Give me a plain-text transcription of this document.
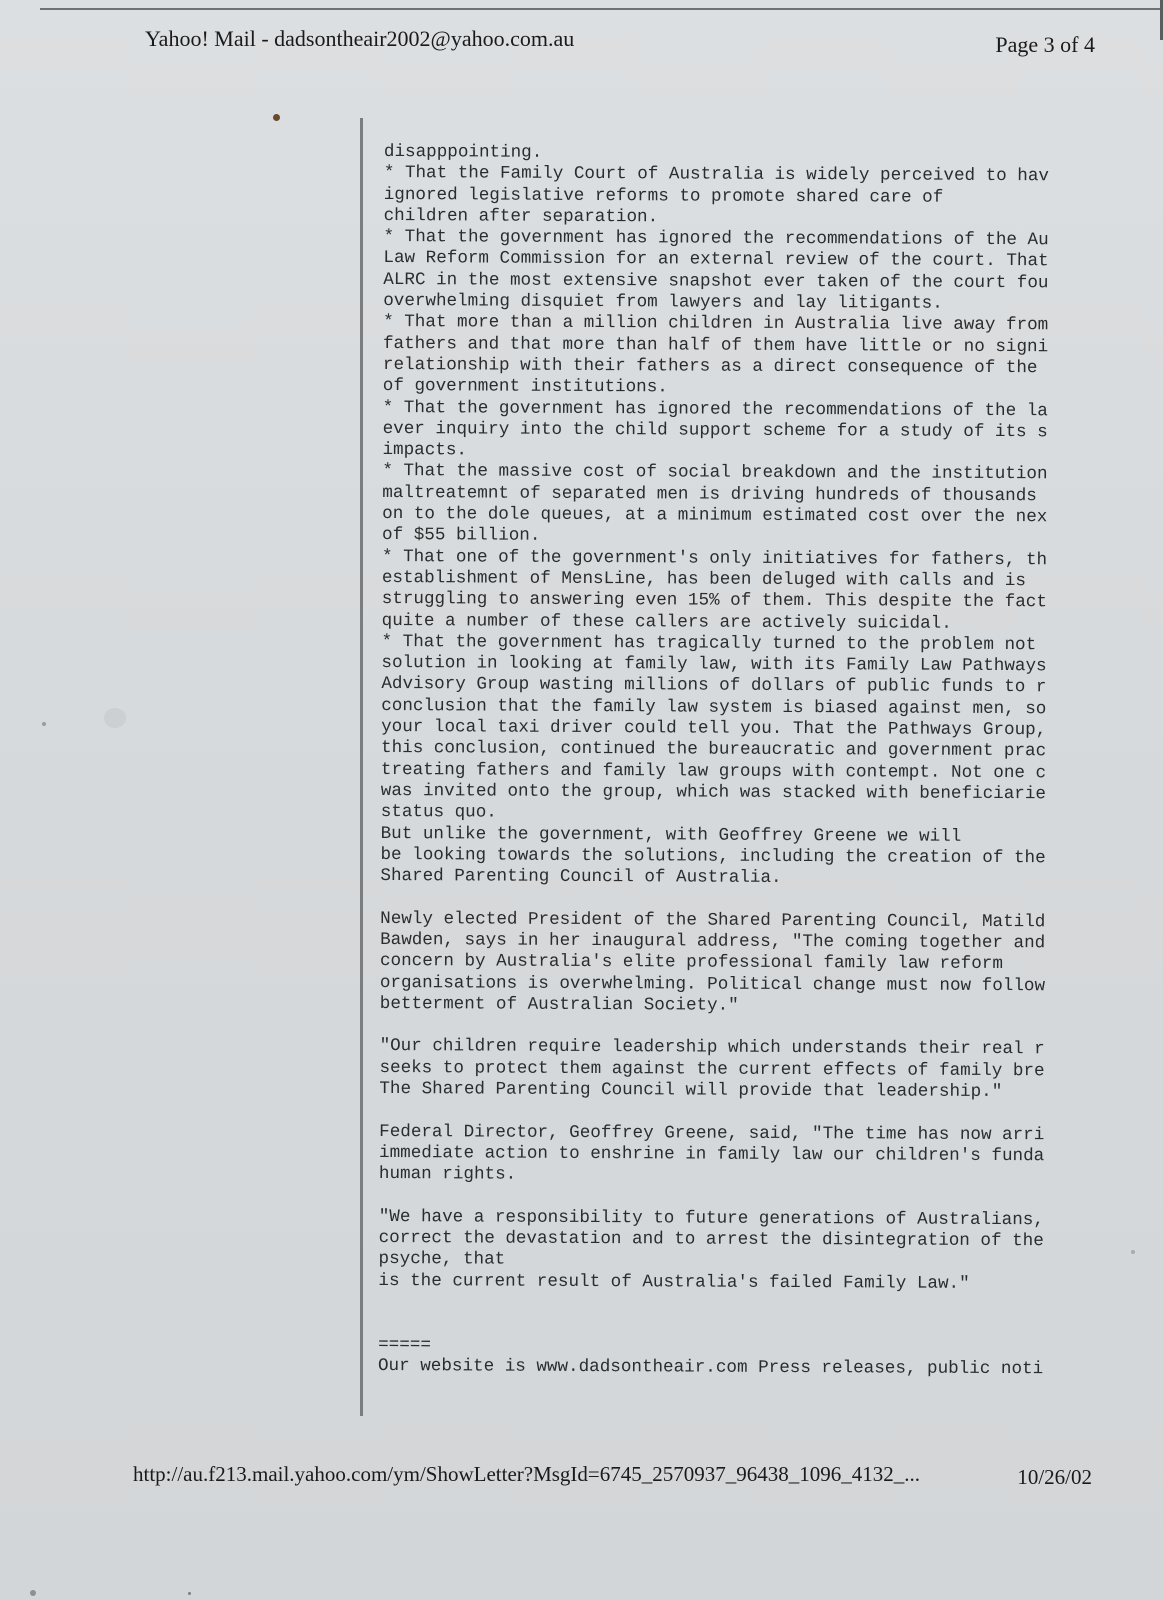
Yahoo! Mail - dadsontheair2002@yahoo.com.au	Page 3 of 4
disapppointing.
* That the Family Court of Australia is widely perceived to hav
ignored legislative reforms to promote shared care of
children after separation.
* That the government has ignored the recommendations of the Au
Law Reform Commission for an external review of the court. That
ALRC in the most extensive snapshot ever taken of the court fou
overwhelming disquiet from lawyers and lay litigants.
* That more than a million children in Australia live away from
fathers and that more than half of them have little or no signi
relationship with their fathers as a direct consequence of the
of government institutions.
* That the government has ignored the recommendations of the la
ever inquiry into the child support scheme for a study of its s
impacts.
* That the massive cost of social breakdown and the institution
maltreatemnt of separated men is driving hundreds of thousands
on to the dole queues, at a minimum estimated cost over the nex
of $55 billion.
* That one of the government's only initiatives for fathers, th
establishment of MensLine, has been deluged with calls and is
struggling to answering even 15% of them. This despite the fact
quite a number of these callers are actively suicidal.
* That the government has tragically turned to the problem not
solution in looking at family law, with its Family Law Pathways
Advisory Group wasting millions of dollars of public funds to r
conclusion that the family law system is biased against men, so
your local taxi driver could tell you. That the Pathways Group,
this conclusion, continued the bureaucratic and government prac
treating fathers and family law groups with contempt. Not one c
was invited onto the group, which was stacked with beneficiarie
status quo.
But unlike the government, with Geoffrey Greene we will
be looking towards the solutions, including the creation of the
Shared Parenting Council of Australia.
Newly elected President of the Shared Parenting Council, Matild
Bawden, says in her inaugural address, "The coming together and
concern by Australia's elite professional family law reform
organisations is overwhelming. Political change must now follow
betterment of Australian Society."
"Our children require leadership which understands their real r
seeks to protect them against the current effects of family bre
The Shared Parenting Council will provide that leadership."
Federal Director, Geoffrey Greene, said, "The time has now arri
immediate action to enshrine in family law our children's funda
human rights.
"We have a responsibility to future generations of Australians,
correct the devastation and to arrest the disintegration of the
psyche, that
is the current result of Australia's failed Family Law."
=====
Our website is www.dadsontheair.com Press releases, public noti
http://au.f213.mail.yahoo.com/ym/ShowLetter?MsgId=6745_2570937_96438_1096_4132_...	10/26/02
